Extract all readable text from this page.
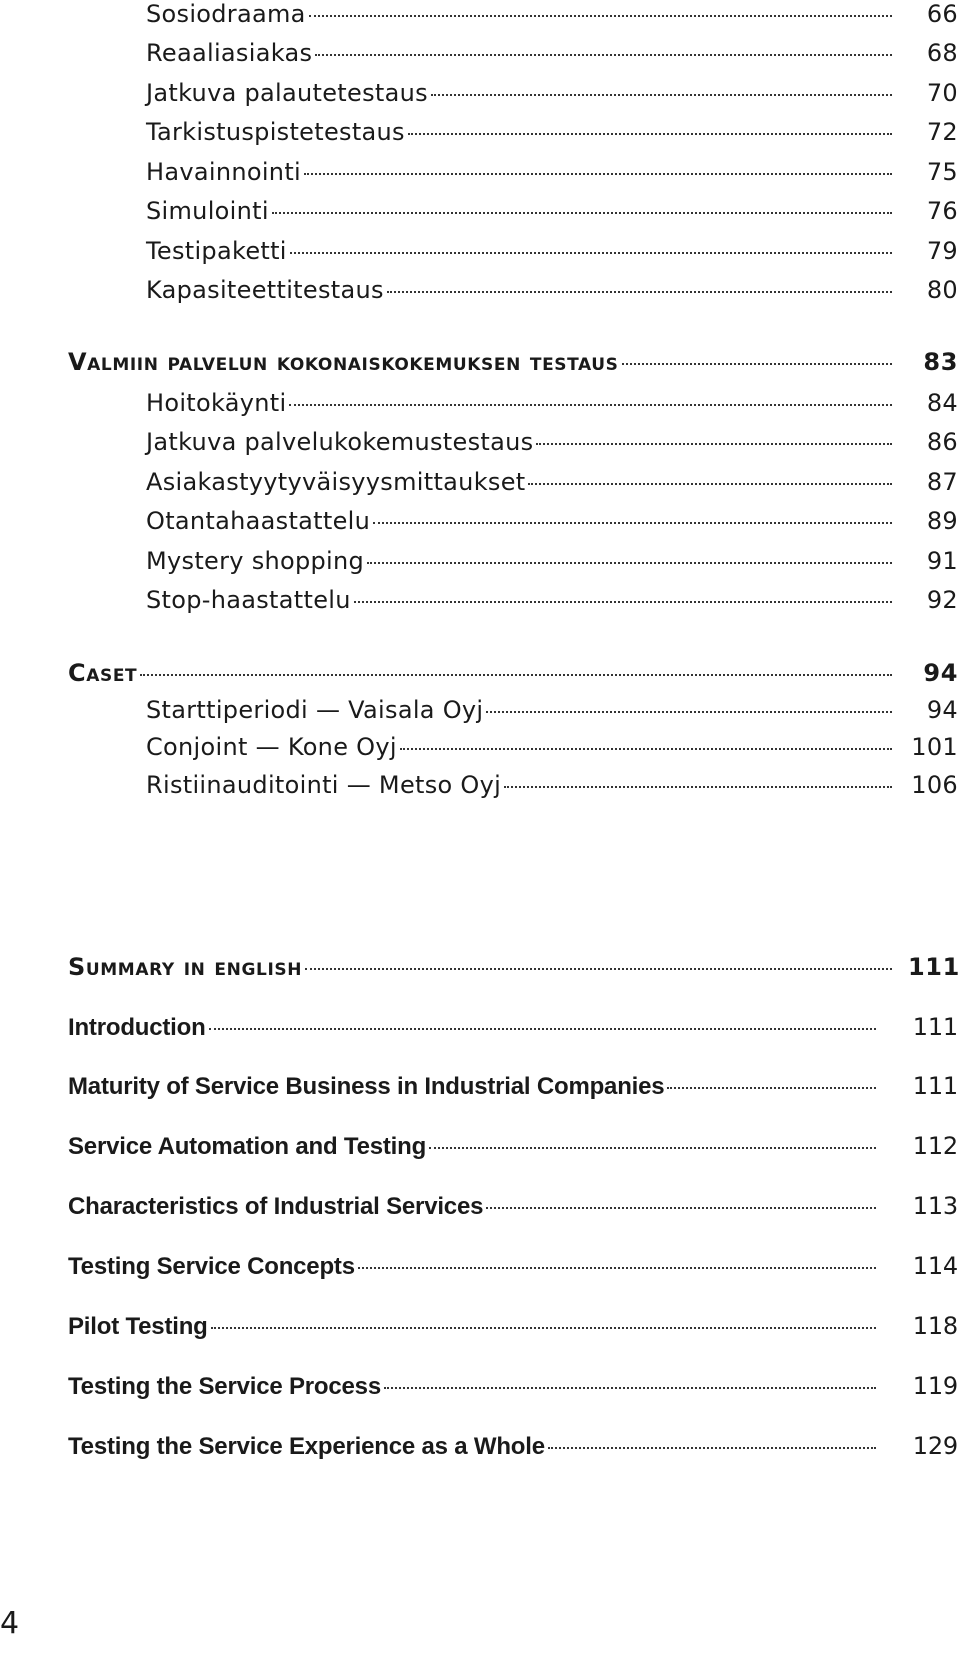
Sosiodraama	66
Reaaliasiakas	68
Jatkuva palautetestaus	70
Tarkistuspistetestaus	72
Havainnointi	75
Simulointi	76
Testipaketti	79
Kapasiteettitestaus	80
Valmiin palvelun kokonaiskokemuksen testaus	83
Hoitokäynti	84
Jatkuva palvelukokemustestaus	86
Asiakastyytyväisyysmittaukset	87
Otantahaastattelu	89
Mystery shopping	91
Stop-haastattelu	92
Caset	94
Starttiperiodi — Vaisala Oyj	94
Conjoint — Kone Oyj	101
Ristiinauditointi — Metso Oyj	106
Summary in english	111
Introduction	111
Maturity of Service Business in Industrial Companies	111
Service Automation and Testing	112
Characteristics of Industrial Services	113
Testing Service Concepts	114
Pilot Testing	118
Testing the Service Process	119
Testing the Service Experience as a Whole	129
4
